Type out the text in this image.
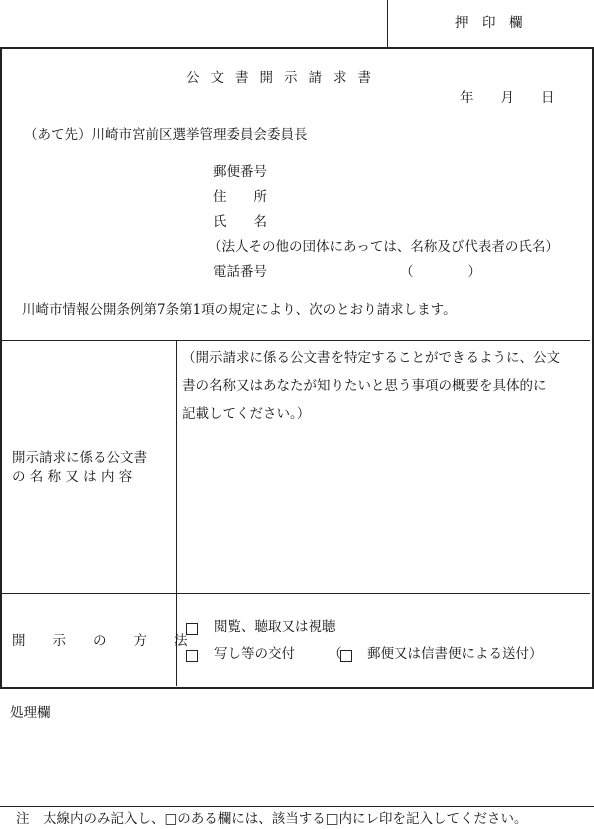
押　印　欄
公文書開示請求書
年　　月　　日
（あて先）川崎市宮前区選挙管理委員会委員長
郵便番号
住　　所
氏　　名
（法人その他の団体にあっては、名称及び代表者の氏名）
電話番号	（　　　　）
川崎市情報公開条例第7条第1項の規定により、次のとおり請求します。
開示請求に係る公文書
の 名 称 又 は 内 容
（開示請求に係る公文書を特定することができるように、公文
書の名称又はあなたが知りたいと思う事項の概要を具体的に
記載してください。）
開　　示　　の　　方　　法
閲覧、聴取又は視聴
写し等の交付 （ 郵便又は信書便による送付）
処理欄
注　太線内のみ記入し、□のある欄には、該当する□内にレ印を記入してください。
